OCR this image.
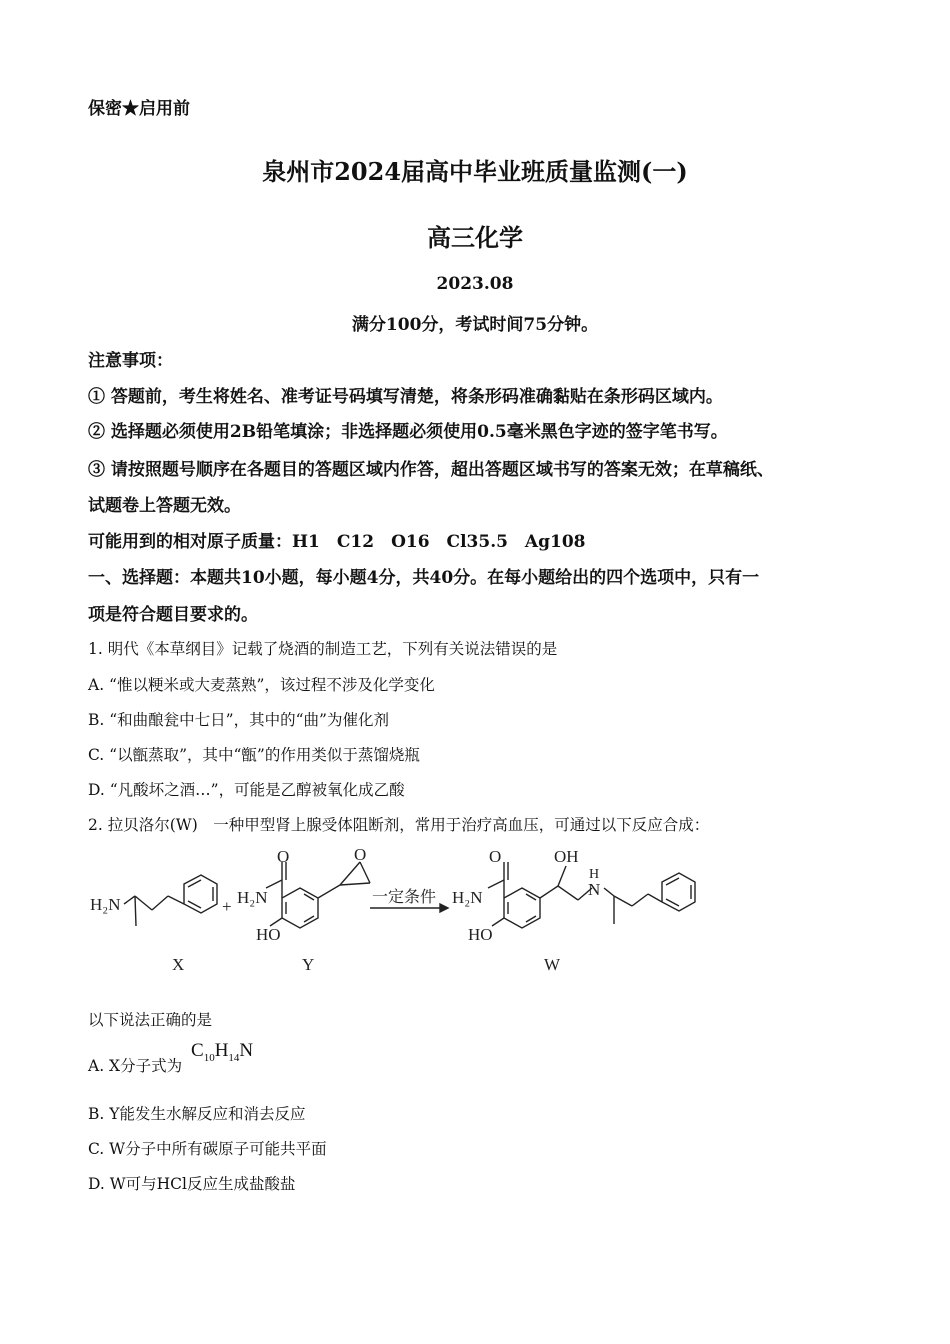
保密★启用前
泉州市2024届高中毕业班质量监测(一)
高三化学
2023.08
满分100分，考试时间75分钟。
注意事项：
① 答题前，考生将姓名、准考证号码填写清楚，将条形码准确黏贴在条形码区域内。
② 选择题必须使用2B铅笔填涂；非选择题必须使用0.5毫米黑色字迹的签字笔书写。
③ 请按照题号顺序在各题目的答题区域内作答，超出答题区域书写的答案无效；在草稿纸、
试题卷上答题无效。
可能用到的相对原子质量：H1　C12　O16　Cl35.5　Ag108
一、选择题：本题共10小题，每小题4分，共40分。在每小题给出的四个选项中，只有一
项是符合题目要求的。
1. 明代《本草纲目》记载了烧酒的制造工艺，下列有关说法错误的是
A. “惟以粳米或大麦蒸熟”，该过程不涉及化学变化
B. “和曲酿瓮中七日”，其中的“曲”为催化剂
C. “以甑蒸取”，其中“甑”的作用类似于蒸馏烧瓶
D. “凡酸坏之酒…”，可能是乙醇被氧化成乙酸
2. 拉贝洛尔(W)　一种甲型肾上腺受体阻断剂，常用于治疗高血压，可通过以下反应合成：
H₂N	+ H₂N
O
HO
O
一定条件 H₂N
O
HO
OH
H
N
X	Y	W
以下说法正确的是
A. X分子式为
$C_{10}H_{14}N$
B. Y能发生水解反应和消去反应
C. W分子中所有碳原子可能共平面
D. W可与HCl反应生成盐酸盐
